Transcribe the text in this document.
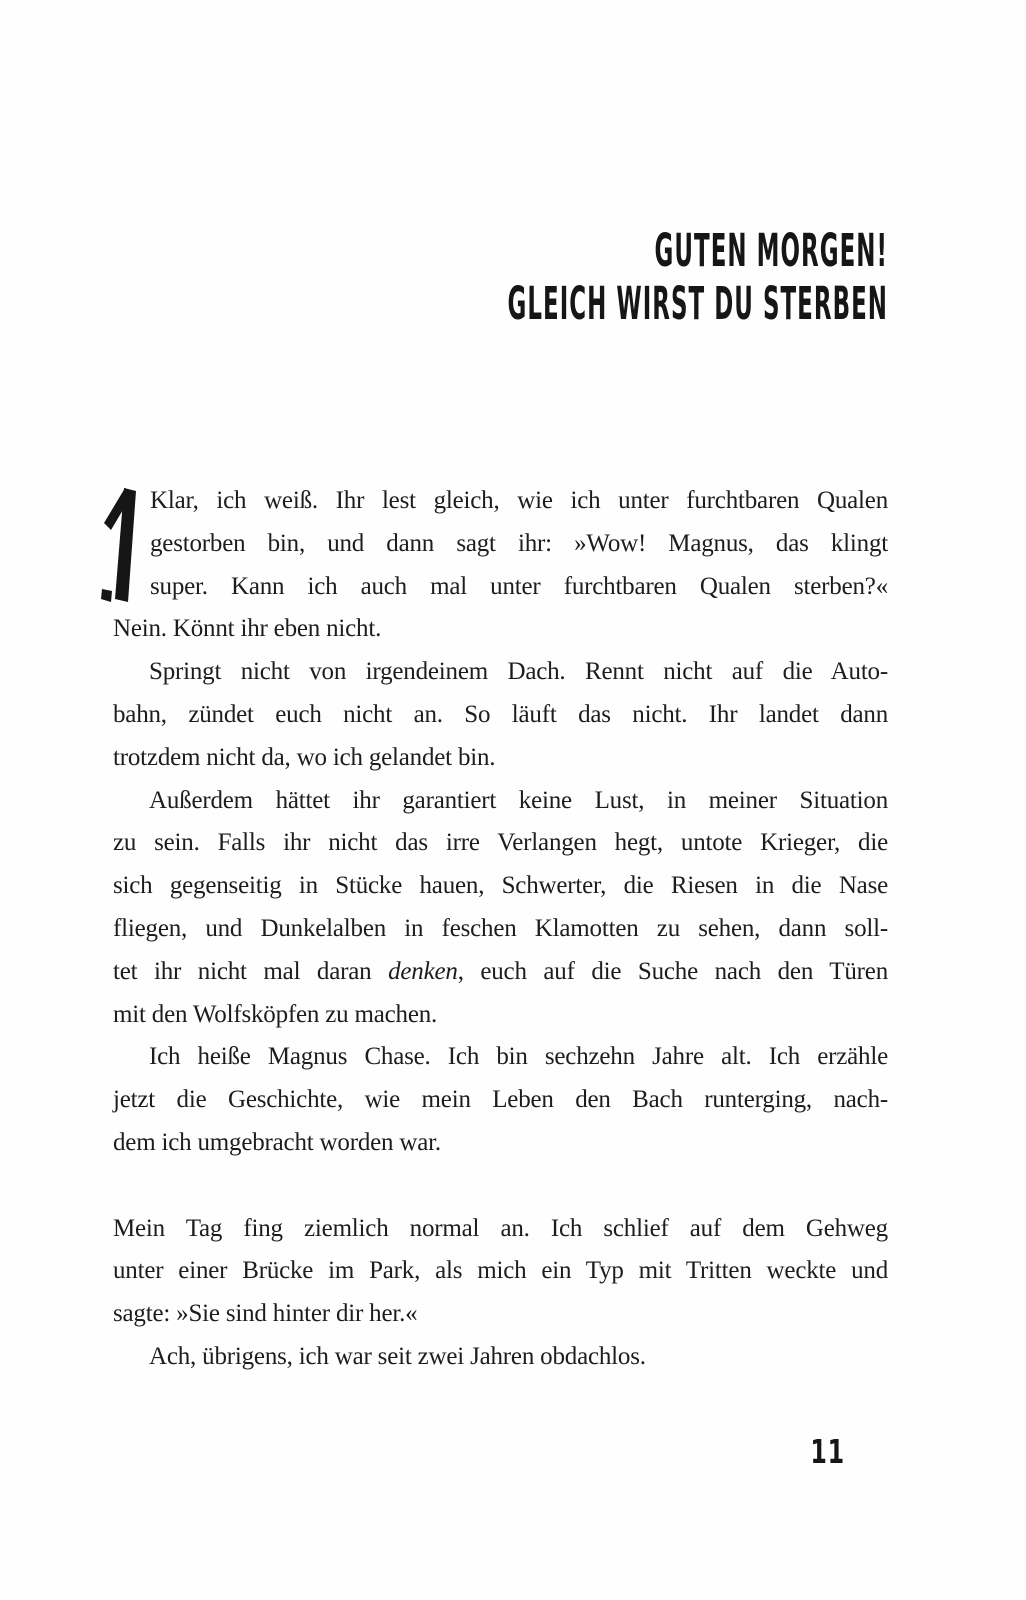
GUTEN MORGEN!
GLEICH WIRST DU STERBEN
Klar, ich weiß. Ihr lest gleich, wie ich unter furchtbaren Qualen
gestorben bin, und dann sagt ihr: »Wow! Magnus, das klingt
super. Kann ich auch mal unter furchtbaren Qualen sterben?«
Nein. Könnt ihr eben nicht.
Springt nicht von irgendeinem Dach. Rennt nicht auf die Auto-
bahn, zündet euch nicht an. So läuft das nicht. Ihr landet dann
trotzdem nicht da, wo ich gelandet bin.
Außerdem hättet ihr garantiert keine Lust, in meiner Situation
zu sein. Falls ihr nicht das irre Verlangen hegt, untote Krieger, die
sich gegenseitig in Stücke hauen, Schwerter, die Riesen in die Nase
fliegen, und Dunkelalben in feschen Klamotten zu sehen, dann soll-
tet ihr nicht mal daran denken, euch auf die Suche nach den Türen
mit den Wolfsköpfen zu machen.
Ich heiße Magnus Chase. Ich bin sechzehn Jahre alt. Ich erzähle
jetzt die Geschichte, wie mein Leben den Bach runterging, nach-
dem ich umgebracht worden war.
Mein Tag fing ziemlich normal an. Ich schlief auf dem Gehweg
unter einer Brücke im Park, als mich ein Typ mit Tritten weckte und
sagte: »Sie sind hinter dir her.«
Ach, übrigens, ich war seit zwei Jahren obdachlos.
11
